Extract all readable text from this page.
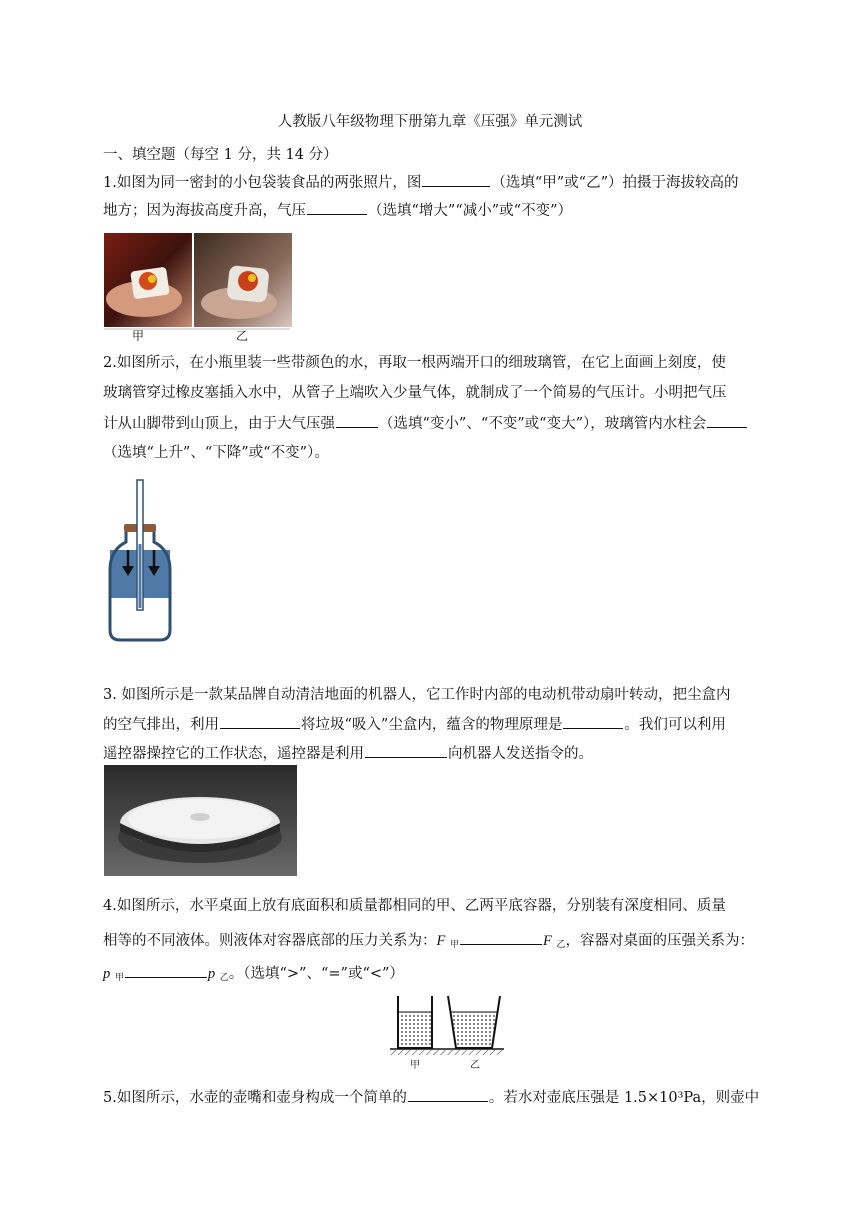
人教版八年级物理下册第九章《压强》单元测试
一、填空题（每空 1 分，共 14 分）
1.如图为同一密封的小包袋装食品的两张照片，图	（选填“甲”或“乙”）拍摄于海拔较高的
地方；因为海拔高度升高，气压	（选填“增大”“减小”或“不变”）
甲	乙
2.如图所示，在小瓶里装一些带颜色的水，再取一根两端开口的细玻璃管，在它上面画上刻度，使
玻璃管穿过橡皮塞插入水中，从管子上端吹入少量气体，就制成了一个简易的气压计。小明把气压
计从山脚带到山顶上，由于大气压强	（选填“变小”、“不变”或“变大”），玻璃管内水柱会
（选填“上升”、“下降”或“不变”）。
3. 如图所示是一款某品牌自动清洁地面的机器人，它工作时内部的电动机带动扇叶转动，把尘盒内
的空气排出，利用	将垃圾“吸入”尘盒内，蕴含的物理原理是	。我们可以利用
遥控器操控它的工作状态，遥控器是利用	向机器人发送指令的。
4.如图所示，水平桌面上放有底面积和质量都相同的甲、乙两平底容器，分别装有深度相同、质量
相等的不同液体。则液体对容器底部的压力关系为：F $_甲$	F $_乙$，容器对桌面的压强关系为：
p $_甲$	p $_乙$。（选填“>”、“=”或“<”）
甲	乙
5.如图所示，水壶的壶嘴和壶身构成一个简单的	。若水对壶底压强是 1.5×10³Pa，则壶中
